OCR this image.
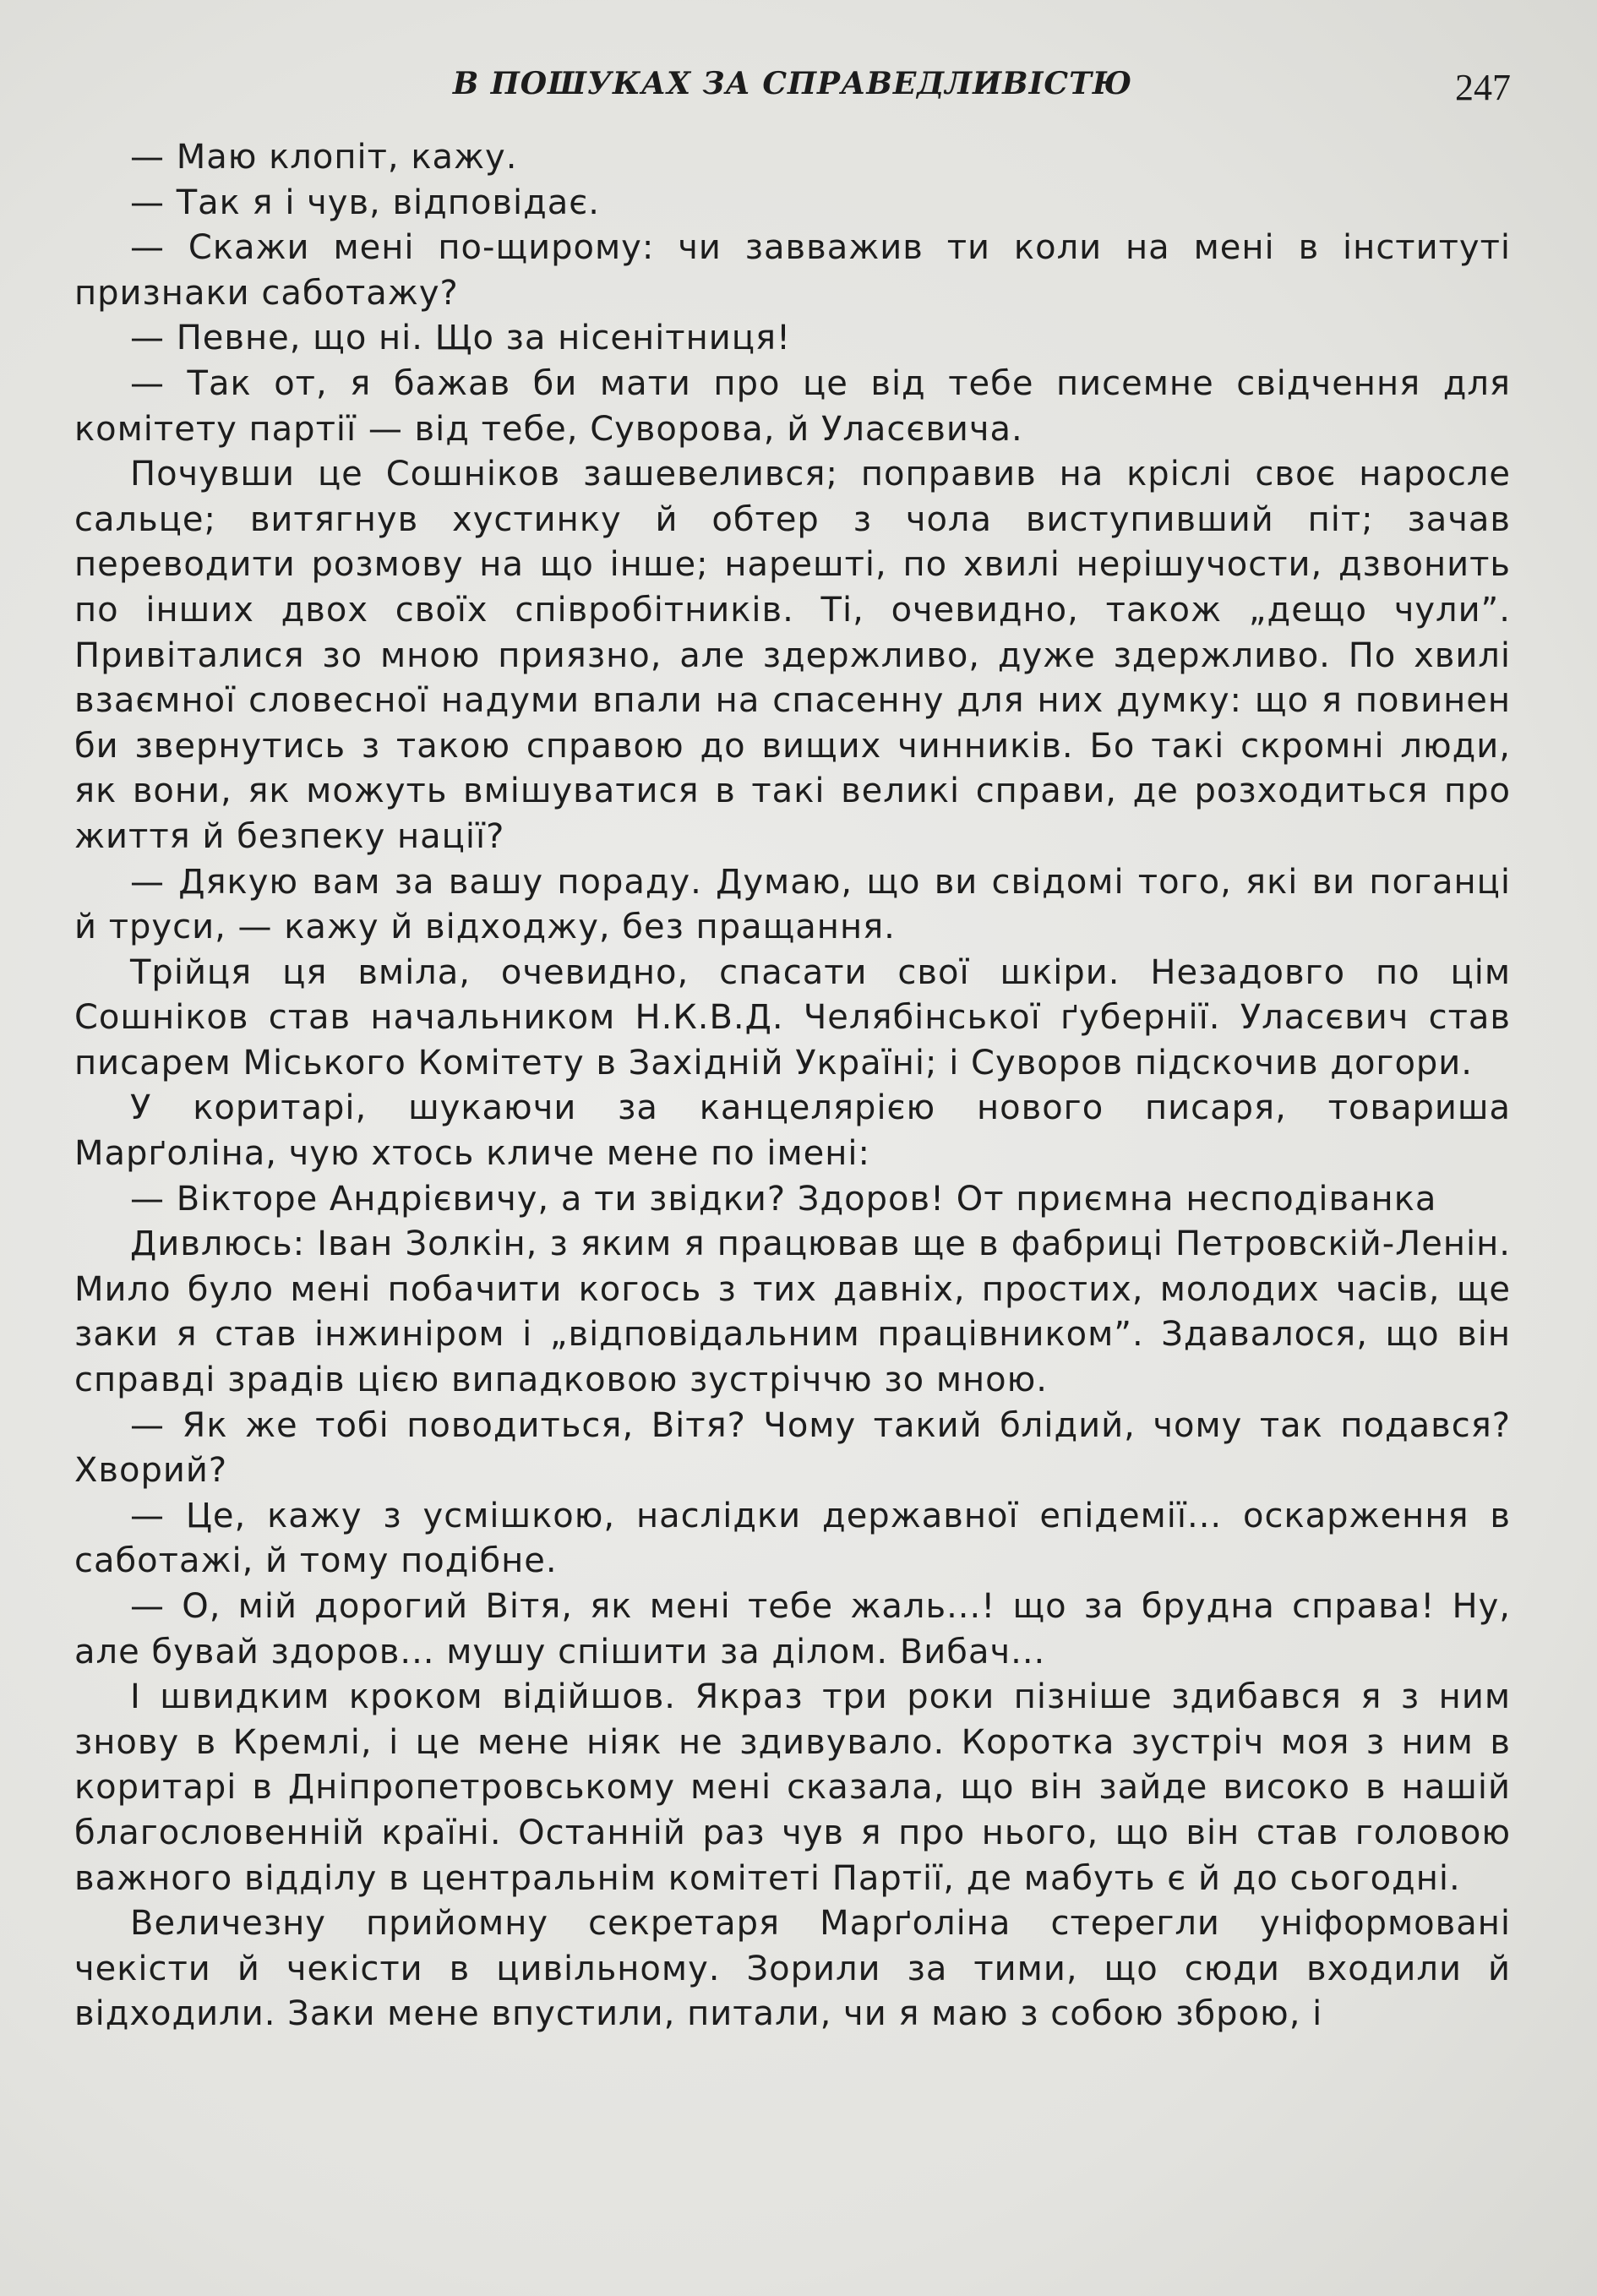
В ПОШУКАХ ЗА СПРАВЕДЛИВІСТЮ	247

— Маю клопіт, кажу.

— Так я і чув, відповідає.

— Скажи мені по-щирому: чи завважив ти коли на мені в інституті признаки саботажу?

— Певне, що ні. Що за нісенітниця!

— Так от, я бажав би мати про це від тебе писемне свідчення для комітету партії — від тебе, Суворова, й Уласєвича.

Почувши це Сошніков зашевелився; поправив на кріслі своє наросле сальце; витягнув хустинку й обтер з чола виступивший піт; зачав переводити розмову на що інше; нарешті, по хвилі нерішучости, дзвонить по інших двох своїх співробітників. Ті, очевидно, також „дещо чули”. Привіталися зо мною приязно, але здержливо, дуже здержливо. По хвилі взаємної словесної надуми впали на спасенну для них думку: що я повинен би звернутись з такою справою до вищих чинників. Бо такі скромні люди, як вони, як можуть вмішуватися в такі великі справи, де розходиться про життя й безпеку нації?

— Дякую вам за вашу пораду. Думаю, що ви свідомі того, які ви поганці й труси, — кажу й відходжу, без пращання.

Трійця ця вміла, очевидно, спасати свої шкіри. Незадовго по цім Сошніков став начальником Н.К.В.Д. Челябінської ґубернії. Уласєвич став писарем Міського Комітету в Західній Україні; і Суворов підскочив догори.

У коритарі, шукаючи за канцелярією нового писаря, товариша Марґоліна, чую хтось кличе мене по імені:

— Вікторе Андрієвичу, а ти звідки? Здоров! От приємна несподіванка

Дивлюсь: Іван Золкін, з яким я працював ще в фабриці Петровскій-Ленін. Мило було мені побачити когось з тих давніх, простих, молодих часів, ще заки я став інжиніром і „відповідальним працівником”. Здавалося, що він справді зрадів цією випадковою зустріччю зо мною.

— Як же тобі поводиться, Вітя? Чому такий блідий, чому так подався? Хворий?

— Це, кажу з усмішкою, наслідки державної епідемії... оскарження в саботажі, й тому подібне.

— О, мій дорогий Вітя, як мені тебе жаль...! що за брудна справа! Ну, але бувай здоров... мушу спішити за ділом. Вибач...

І швидким кроком відійшов. Якраз три роки пізніше здибався я з ним знову в Кремлі, і це мене ніяк не здивувало. Коротка зустріч моя з ним в коритарі в Дніпропетровському мені сказала, що він зайде високо в нашій благословенній країні. Останній раз чув я про нього, що він став головою важного відділу в центральнім комітеті Партії, де мабуть є й до сьогодні.

Величезну прийомну секретаря Марґоліна стерегли уніформовані чекісти й чекісти в цивільному. Зорили за тими, що сюди входили й відходили. Заки мене впустили, питали, чи я маю з собою зброю, і
